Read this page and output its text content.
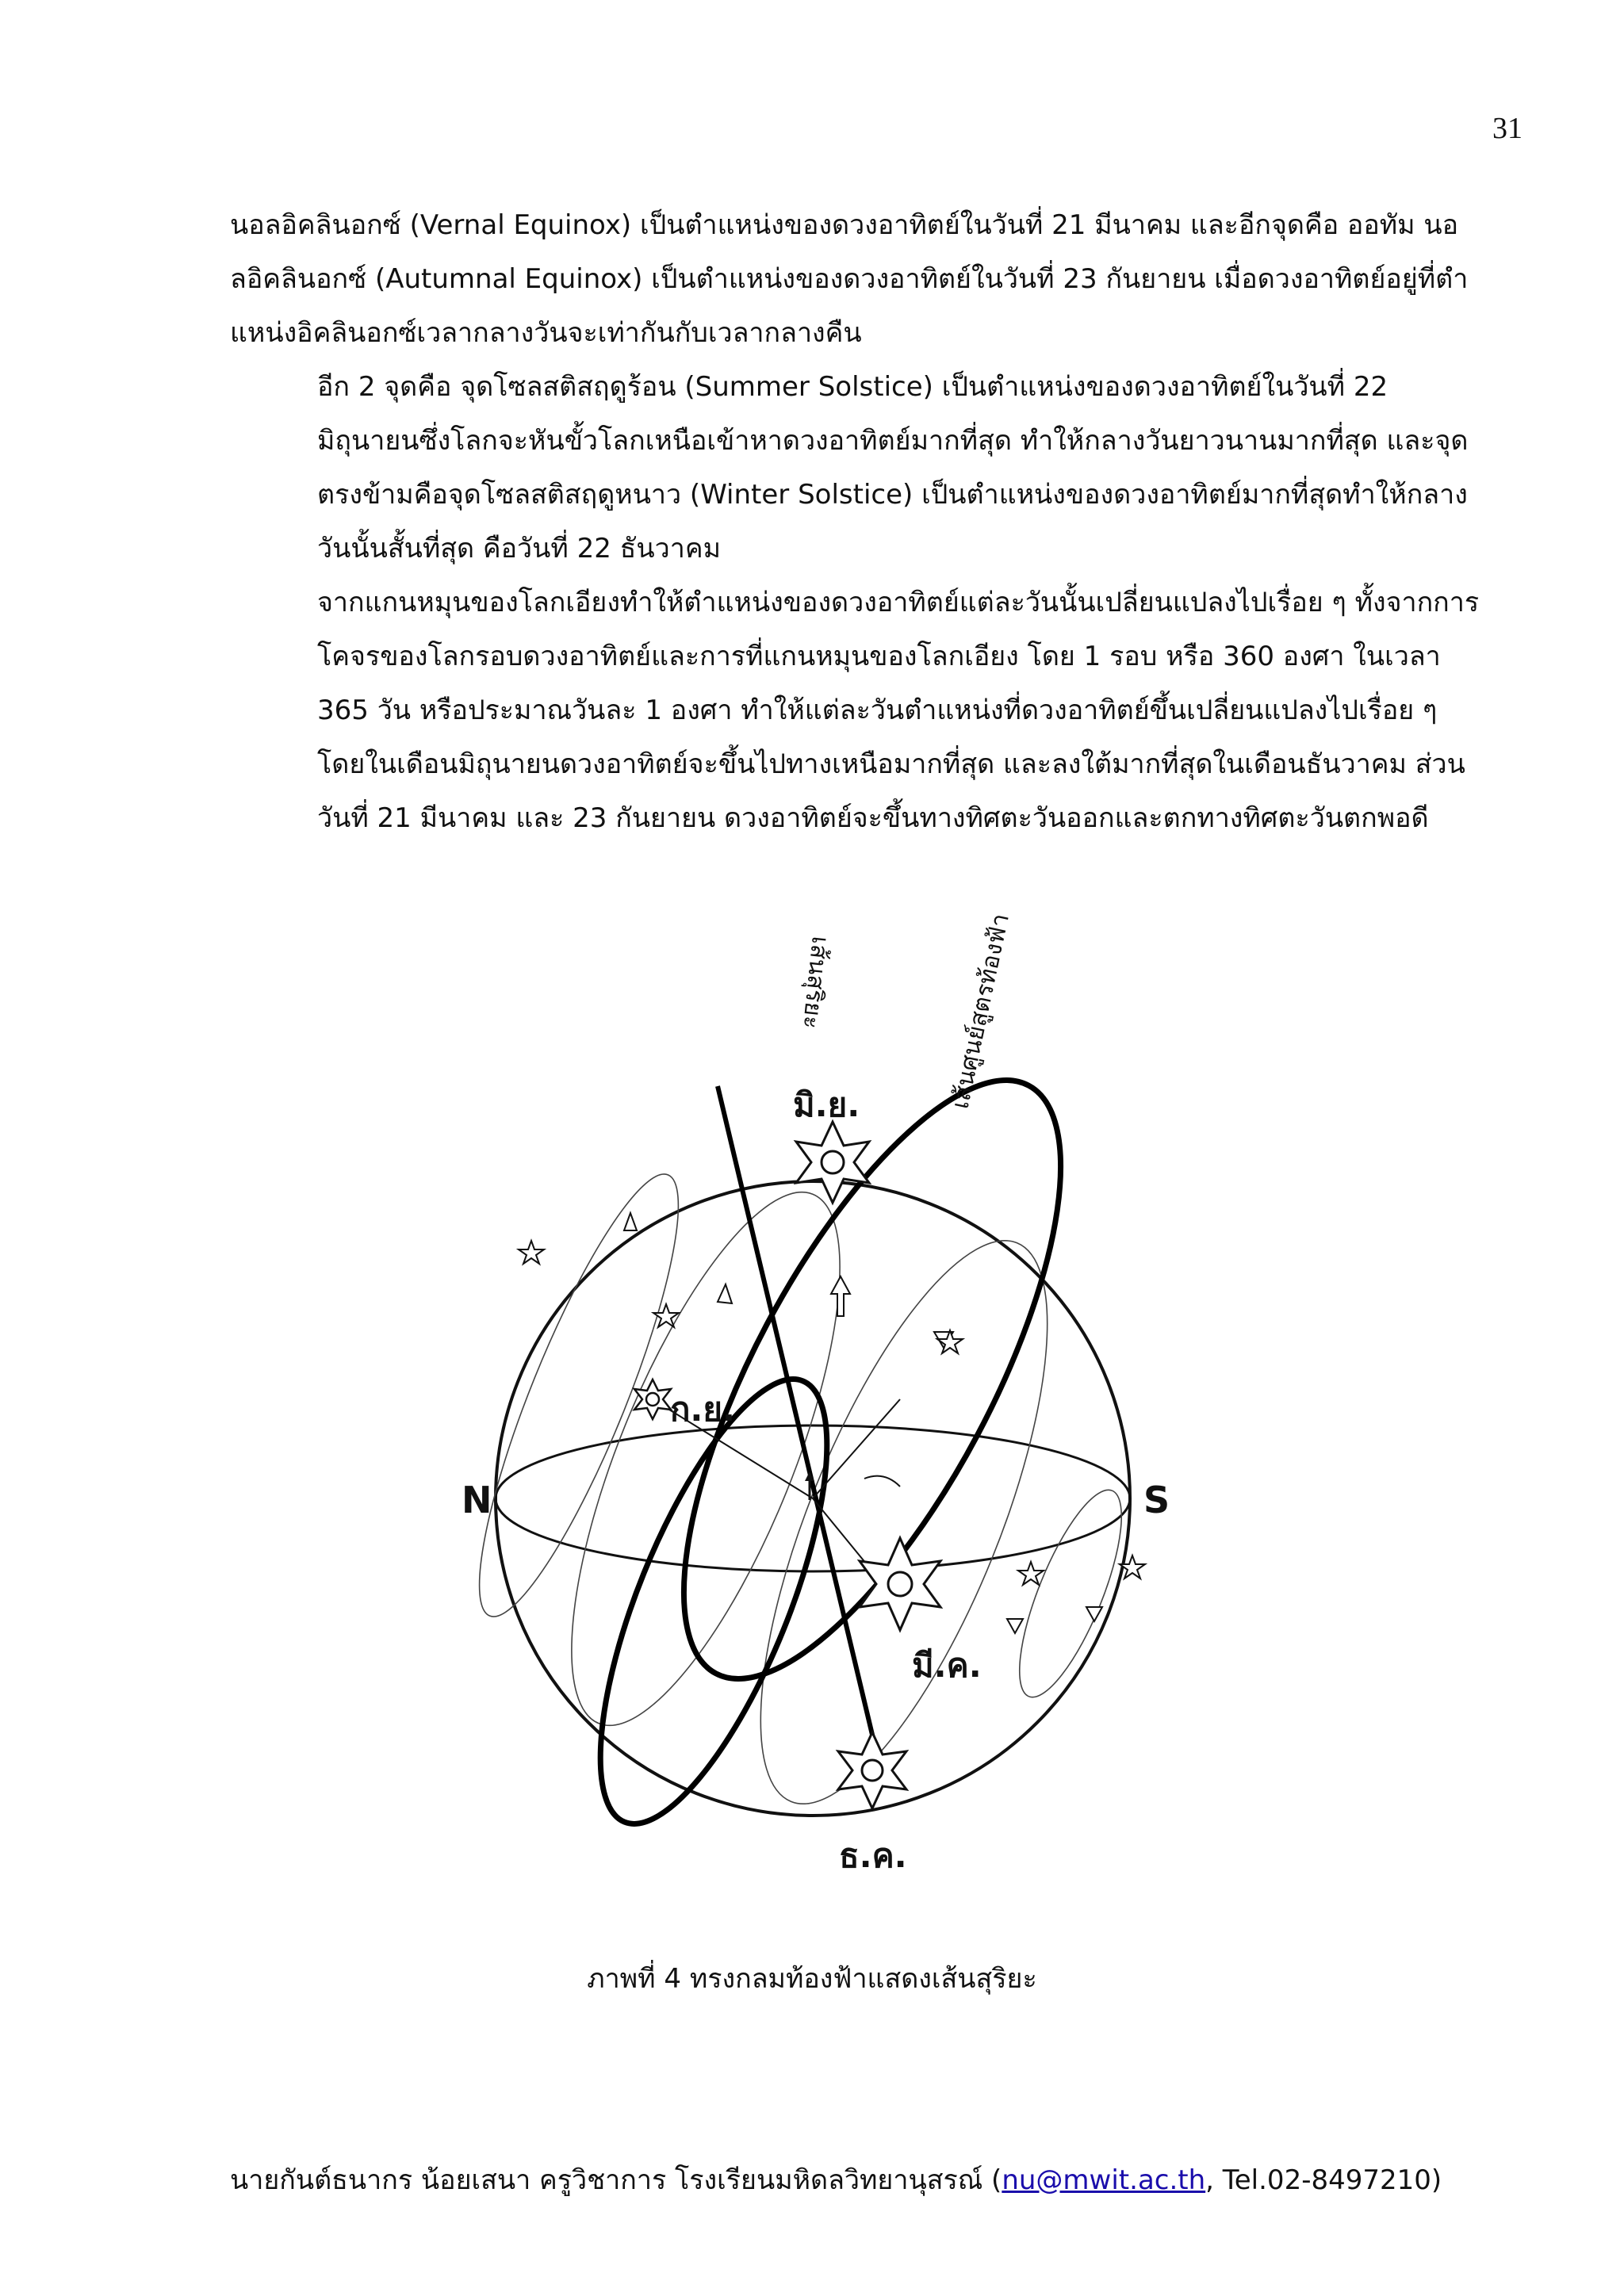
31

นอลอิคลินอกซ์ (Vernal Equinox) เป็นตำแหน่งของดวงอาทิตย์ในวันที่ 21 มีนาคม และอีกจุดคือ ออทัม นอลอิคลินอกซ์ (Autumnal Equinox) เป็นตำแหน่งของดวงอาทิตย์ในวันที่ 23 กันยายน เมื่อดวงอาทิตย์อยู่ที่ตำแหน่งอิคลินอกซ์เวลากลางวันจะเท่ากันกับเวลากลางคืน

อีก 2 จุดคือ จุดโซลสติสฤดูร้อน (Summer Solstice) เป็นตำแหน่งของดวงอาทิตย์ในวันที่ 22 มิถุนายนซึ่งโลกจะหันขั้วโลกเหนือเข้าหาดวงอาทิตย์มากที่สุด ทำให้กลางวันยาวนานมากที่สุด และจุดตรงข้ามคือจุดโซลสติสฤดูหนาว (Winter Solstice) เป็นตำแหน่งของดวงอาทิตย์มากที่สุดทำให้กลางวันนั้นสั้นที่สุด คือวันที่ 22 ธันวาคม

จากแกนหมุนของโลกเอียงทำให้ตำแหน่งของดวงอาทิตย์แต่ละวันนั้นเปลี่ยนแปลงไปเรื่อย ๆ ทั้งจากการโคจรของโลกรอบดวงอาทิตย์และการที่แกนหมุนของโลกเอียง โดย 1 รอบ หรือ 360 องศา ในเวลา 365 วัน หรือประมาณวันละ 1 องศา ทำให้แต่ละวันตำแหน่งที่ดวงอาทิตย์ขึ้นเปลี่ยนแปลงไปเรื่อย ๆ โดยในเดือนมิถุนายนดวงอาทิตย์จะขึ้นไปทางเหนือมากที่สุด และลงใต้มากที่สุดในเดือนธันวาคม ส่วนวันที่ 21 มีนาคม และ 23 กันยายน ดวงอาทิตย์จะขึ้นทางทิศตะวันออกและตกทางทิศตะวันตกพอดี

มิ.ย.
ก.ย.
มี.ค.
ธ.ค.
N	S
เส้นสุริยะ	เส้นศูนย์สูตรท้องฟ้า
ภาพที่ 4 ทรงกลมท้องฟ้าแสดงเส้นสุริยะ
นายกันต์ธนากร น้อยเสนา ครูวิชาการ โรงเรียนมหิดลวิทยานุสรณ์ (nu@mwit.ac.th, Tel.02-8497210)
